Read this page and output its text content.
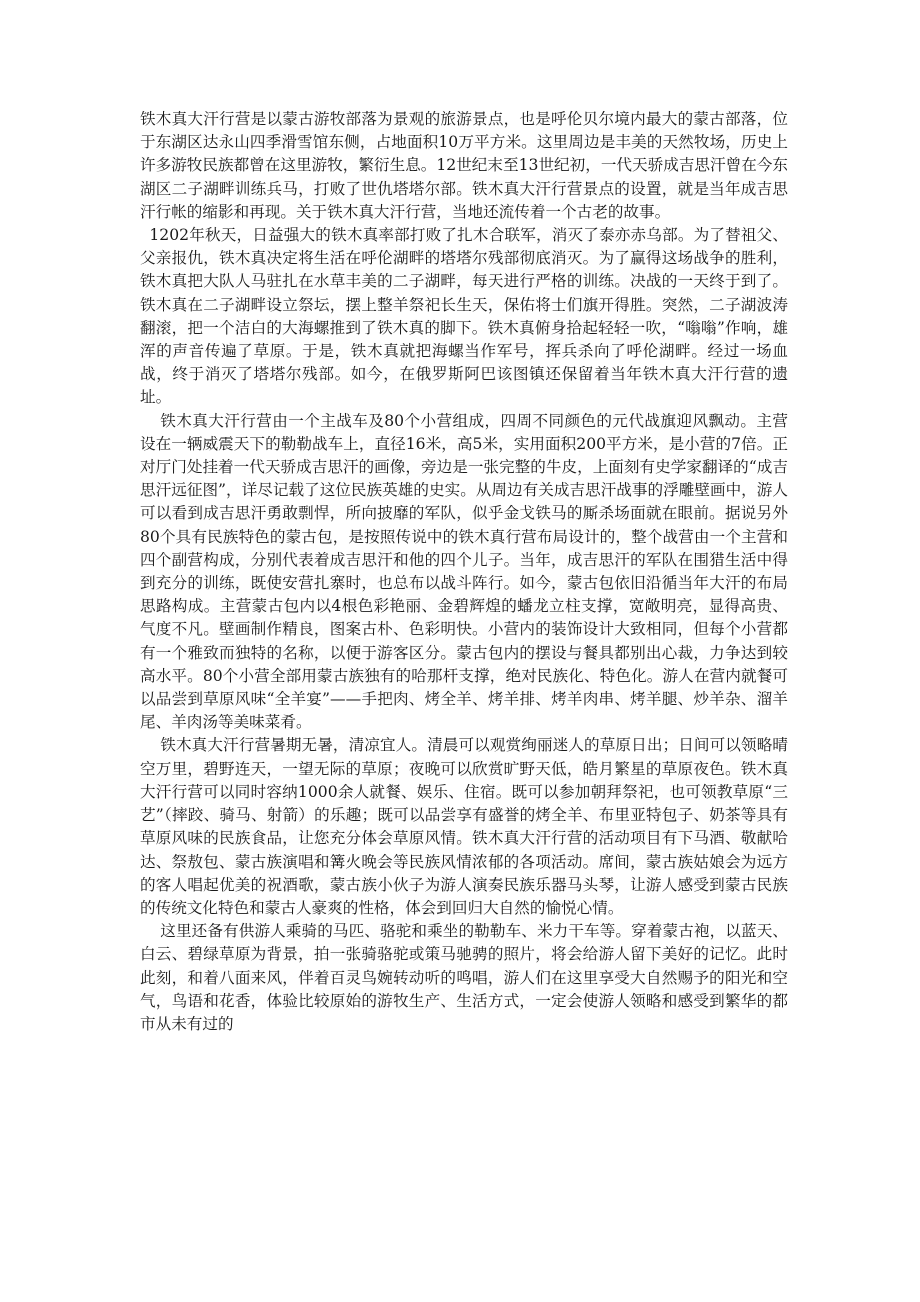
铁木真大汗行营是以蒙古游牧部落为景观的旅游景点，也是呼伦贝尔境内最大的蒙古部落，位于东湖区达永山四季滑雪馆东侧，占地面积10万平方米。这里周边是丰美的天然牧场，历史上许多游牧民族都曾在这里游牧，繁衍生息。12世纪末至13世纪初，一代天骄成吉思汗曾在今东湖区二子湖畔训练兵马，打败了世仇塔塔尔部。铁木真大汗行营景点的设置，就是当年成吉思汗行帐的缩影和再现。关于铁木真大汗行营，当地还流传着一个古老的故事。

1202年秋天，日益强大的铁木真率部打败了扎木合联军，消灭了泰亦赤乌部。为了替祖父、父亲报仇，铁木真决定将生活在呼伦湖畔的塔塔尔残部彻底消灭。为了赢得这场战争的胜利，铁木真把大队人马驻扎在水草丰美的二子湖畔，每天进行严格的训练。决战的一天终于到了。铁木真在二子湖畔设立祭坛，摆上整羊祭祀长生天，保佑将士们旗开得胜。突然，二子湖波涛翻滚，把一个洁白的大海螺推到了铁木真的脚下。铁木真俯身拾起轻轻一吹，“嗡嗡”作响，雄浑的声音传遍了草原。于是，铁木真就把海螺当作军号，挥兵杀向了呼伦湖畔。经过一场血战，终于消灭了塔塔尔残部。如今，在俄罗斯阿巴该图镇还保留着当年铁木真大汗行营的遗址。

铁木真大汗行营由一个主战车及80个小营组成，四周不同颜色的元代战旗迎风飘动。主营设在一辆威震天下的勒勒战车上，直径16米，高5米，实用面积200平方米，是小营的7倍。正对厅门处挂着一代天骄成吉思汗的画像，旁边是一张完整的牛皮，上面刻有史学家翻译的“成吉思汗远征图”，详尽记载了这位民族英雄的史实。从周边有关成吉思汗战事的浮雕壁画中，游人可以看到成吉思汗勇敢剽悍，所向披靡的军队，似乎金戈铁马的厮杀场面就在眼前。据说另外80个具有民族特色的蒙古包，是按照传说中的铁木真行营布局设计的，整个战营由一个主营和四个副营构成，分别代表着成吉思汗和他的四个儿子。当年，成吉思汗的军队在围猎生活中得到充分的训练，既使安营扎寨时，也总布以战斗阵行。如今，蒙古包依旧沿循当年大汗的布局思路构成。主营蒙古包内以4根色彩艳丽、金碧辉煌的蟠龙立柱支撑，宽敞明亮，显得高贵、气度不凡。壁画制作精良，图案古朴、色彩明快。小营内的装饰设计大致相同，但每个小营都有一个雅致而独特的名称，以便于游客区分。蒙古包内的摆设与餐具都别出心裁，力争达到较高水平。80个小营全部用蒙古族独有的哈那杆支撑，绝对民族化、特色化。游人在营内就餐可以品尝到草原风味“全羊宴”——手把肉、烤全羊、烤羊排、烤羊肉串、烤羊腿、炒羊杂、溜羊尾、羊肉汤等美味菜肴。

铁木真大汗行营暑期无暑，清凉宜人。清晨可以观赏绚丽迷人的草原日出；日间可以领略晴空万里，碧野连天，一望无际的草原；夜晚可以欣赏旷野天低，皓月繁星的草原夜色。铁木真大汗行营可以同时容纳1000余人就餐、娱乐、住宿。既可以参加朝拜祭祀，也可领教草原“三艺”（摔跤、骑马、射箭）的乐趣；既可以品尝享有盛誉的烤全羊、布里亚特包子、奶茶等具有草原风味的民族食品，让您充分体会草原风情。铁木真大汗行营的活动项目有下马酒、敬献哈达、祭敖包、蒙古族演唱和篝火晚会等民族风情浓郁的各项活动。席间，蒙古族姑娘会为远方的客人唱起优美的祝酒歌，蒙古族小伙子为游人演奏民族乐器马头琴，让游人感受到蒙古民族的传统文化特色和蒙古人豪爽的性格，体会到回归大自然的愉悦心情。

这里还备有供游人乘骑的马匹、骆驼和乘坐的勒勒车、米力干车等。穿着蒙古袍，以蓝天、白云、碧绿草原为背景，拍一张骑骆驼或策马驰骋的照片，将会给游人留下美好的记忆。此时此刻，和着八面来风，伴着百灵鸟婉转动听的鸣唱，游人们在这里享受大自然赐予的阳光和空气，鸟语和花香，体验比较原始的游牧生产、生活方式，一定会使游人领略和感受到繁华的都市从未有过的
